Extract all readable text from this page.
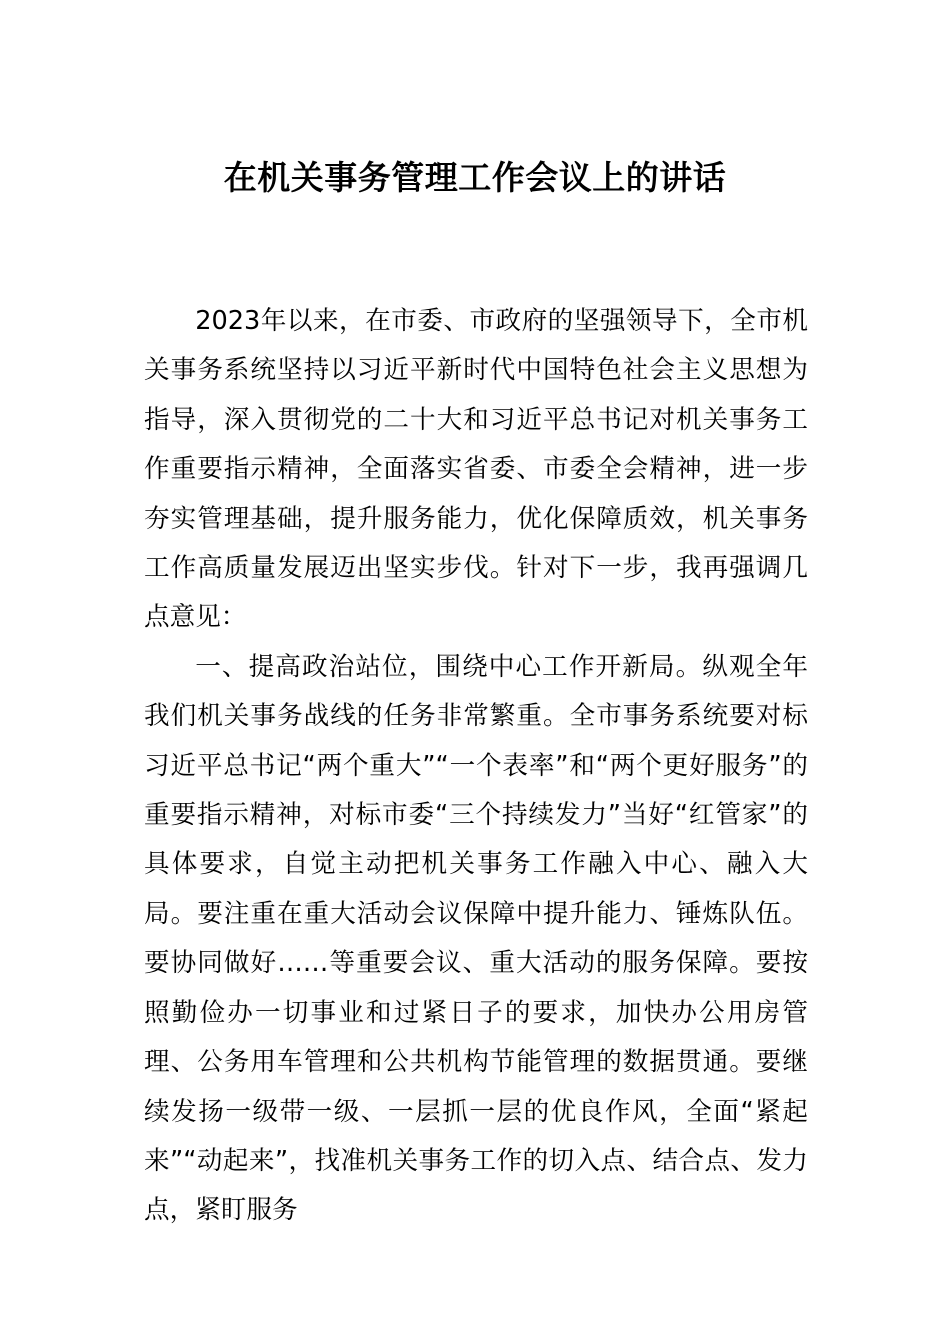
在机关事务管理工作会议上的讲话

2023年以来，在市委、市政府的坚强领导下，全市机关事务系统坚持以习近平新时代中国特色社会主义思想为指导，深入贯彻党的二十大和习近平总书记对机关事务工作重要指示精神，全面落实省委、市委全会精神，进一步夯实管理基础，提升服务能力，优化保障质效，机关事务工作高质量发展迈出坚实步伐。针对下一步，我再强调几点意见：

一、提高政治站位，围绕中心工作开新局。纵观全年我们机关事务战线的任务非常繁重。全市事务系统要对标习近平总书记“两个重大”“一个表率”和“两个更好服务”的重要指示精神，对标市委“三个持续发力”当好“红管家”的具体要求，自觉主动把机关事务工作融入中心、融入大局。要注重在重大活动会议保障中提升能力、锤炼队伍。要协同做好……等重要会议、重大活动的服务保障。要按照勤俭办一切事业和过紧日子的要求，加快办公用房管理、公务用车管理和公共机构节能管理的数据贯通。要继续发扬一级带一级、一层抓一层的优良作风，全面“紧起来”“动起来”，找准机关事务工作的切入点、结合点、发力点，紧盯服务
